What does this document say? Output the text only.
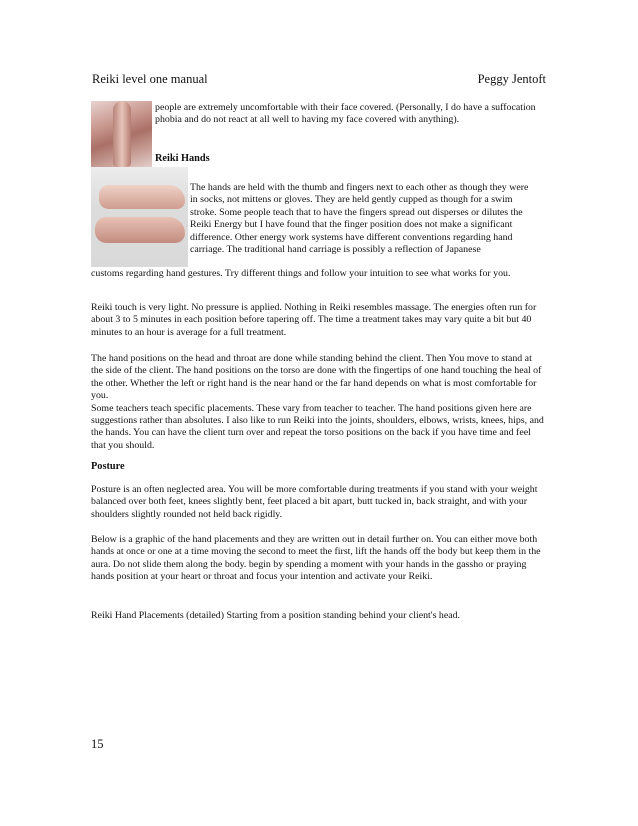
Reiki level one manual	Peggy Jentoft

people are extremely uncomfortable with their face covered. (Personally, I do have a suffocation phobia and do not react at all well to having my face covered with anything).

Reiki Hands

The hands are held with the thumb and fingers next to each other as though they were in socks, not mittens or gloves. They are held gently cupped as though for a swim stroke. Some people teach that to have the fingers spread out disperses or dilutes the Reiki Energy but I have found that the finger position does not make a significant difference. Other energy work systems have different conventions regarding hand carriage. The traditional hand carriage is possibly a reflection of Japanese

customs regarding hand gestures. Try different things and follow your intuition to see what works for you.

Reiki touch is very light. No pressure is applied. Nothing in Reiki resembles massage. The energies often run for about 3 to 5 minutes in each position before tapering off. The time a treatment takes may vary quite a bit but 40 minutes to an hour is average for a full treatment.

The hand positions on the head and throat are done while standing behind the client. Then You move to stand at the side of the client. The hand positions on the torso are done with the fingertips of one hand touching the heal of the other. Whether the left or right hand is the near hand or the far hand depends on what is most comfortable for you.
Some teachers teach specific placements. These vary from teacher to teacher. The hand positions given here are suggestions rather than absolutes. I also like to run Reiki into the joints, shoulders, elbows, wrists, knees, hips, and the hands. You can have the client turn over and repeat the torso positions on the back if you have time and feel that you should.

Posture

Posture is an often neglected area. You will be more comfortable during treatments if you stand with your weight balanced over both feet, knees slightly bent, feet placed a bit apart, butt tucked in, back straight, and with your shoulders slightly rounded not held back rigidly.

Below is a graphic of the hand placements and they are written out in detail further on. You can either move both hands at once or one at a time moving the second to meet the first, lift the hands off the body but keep them in the aura. Do not slide them along the body. begin by spending a moment with your hands in the gassho or praying hands position at your heart or throat and focus your intention and activate your Reiki.

Reiki Hand Placements (detailed) Starting from a position standing behind your client's head.

15
